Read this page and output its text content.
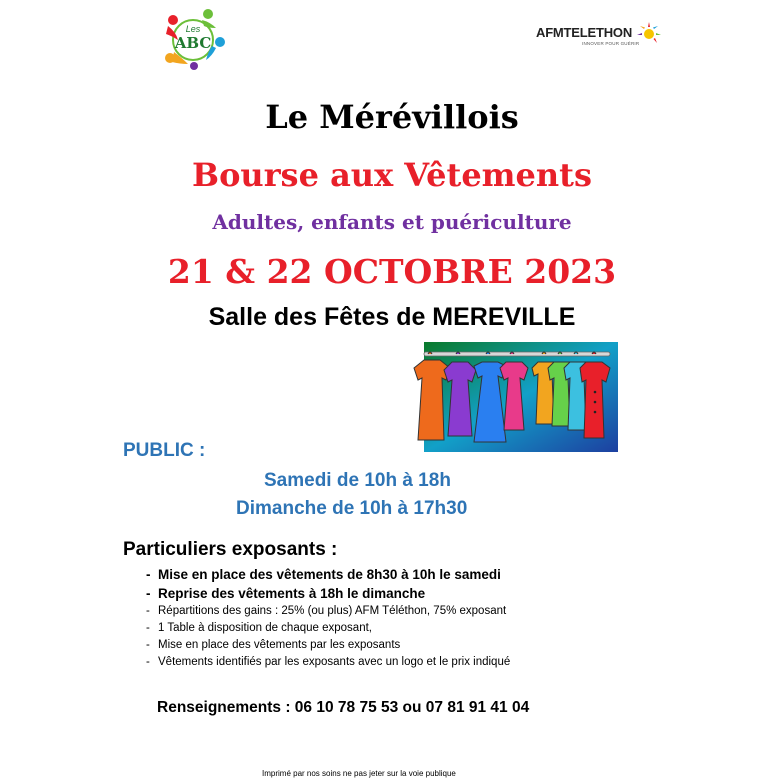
Les
ABC
AFMTELETHON
INNOVER POUR GUÉRIR
Le Mérévillois
Bourse aux Vêtements
Adultes, enfants et puériculture
21 & 22 OCTOBRE 2023
Salle des Fêtes de MEREVILLE
PUBLIC :
Samedi de 10h à 18h
Dimanche de 10h à 17h30
Particuliers exposants :
- Mise en place des vêtements de 8h30 à 10h le samedi
- Reprise des vêtements à 18h le dimanche
- Répartitions des gains : 25% (ou plus) AFM Téléthon, 75% exposant
- 1 Table à disposition de chaque exposant,
- Mise en place des vêtements par les exposants
- Vêtements identifiés par les exposants avec un logo et le prix indiqué
Renseignements : 06 10 78 75 53 ou 07 81 91 41 04
Imprimé par nos soins ne pas jeter sur la voie publique
